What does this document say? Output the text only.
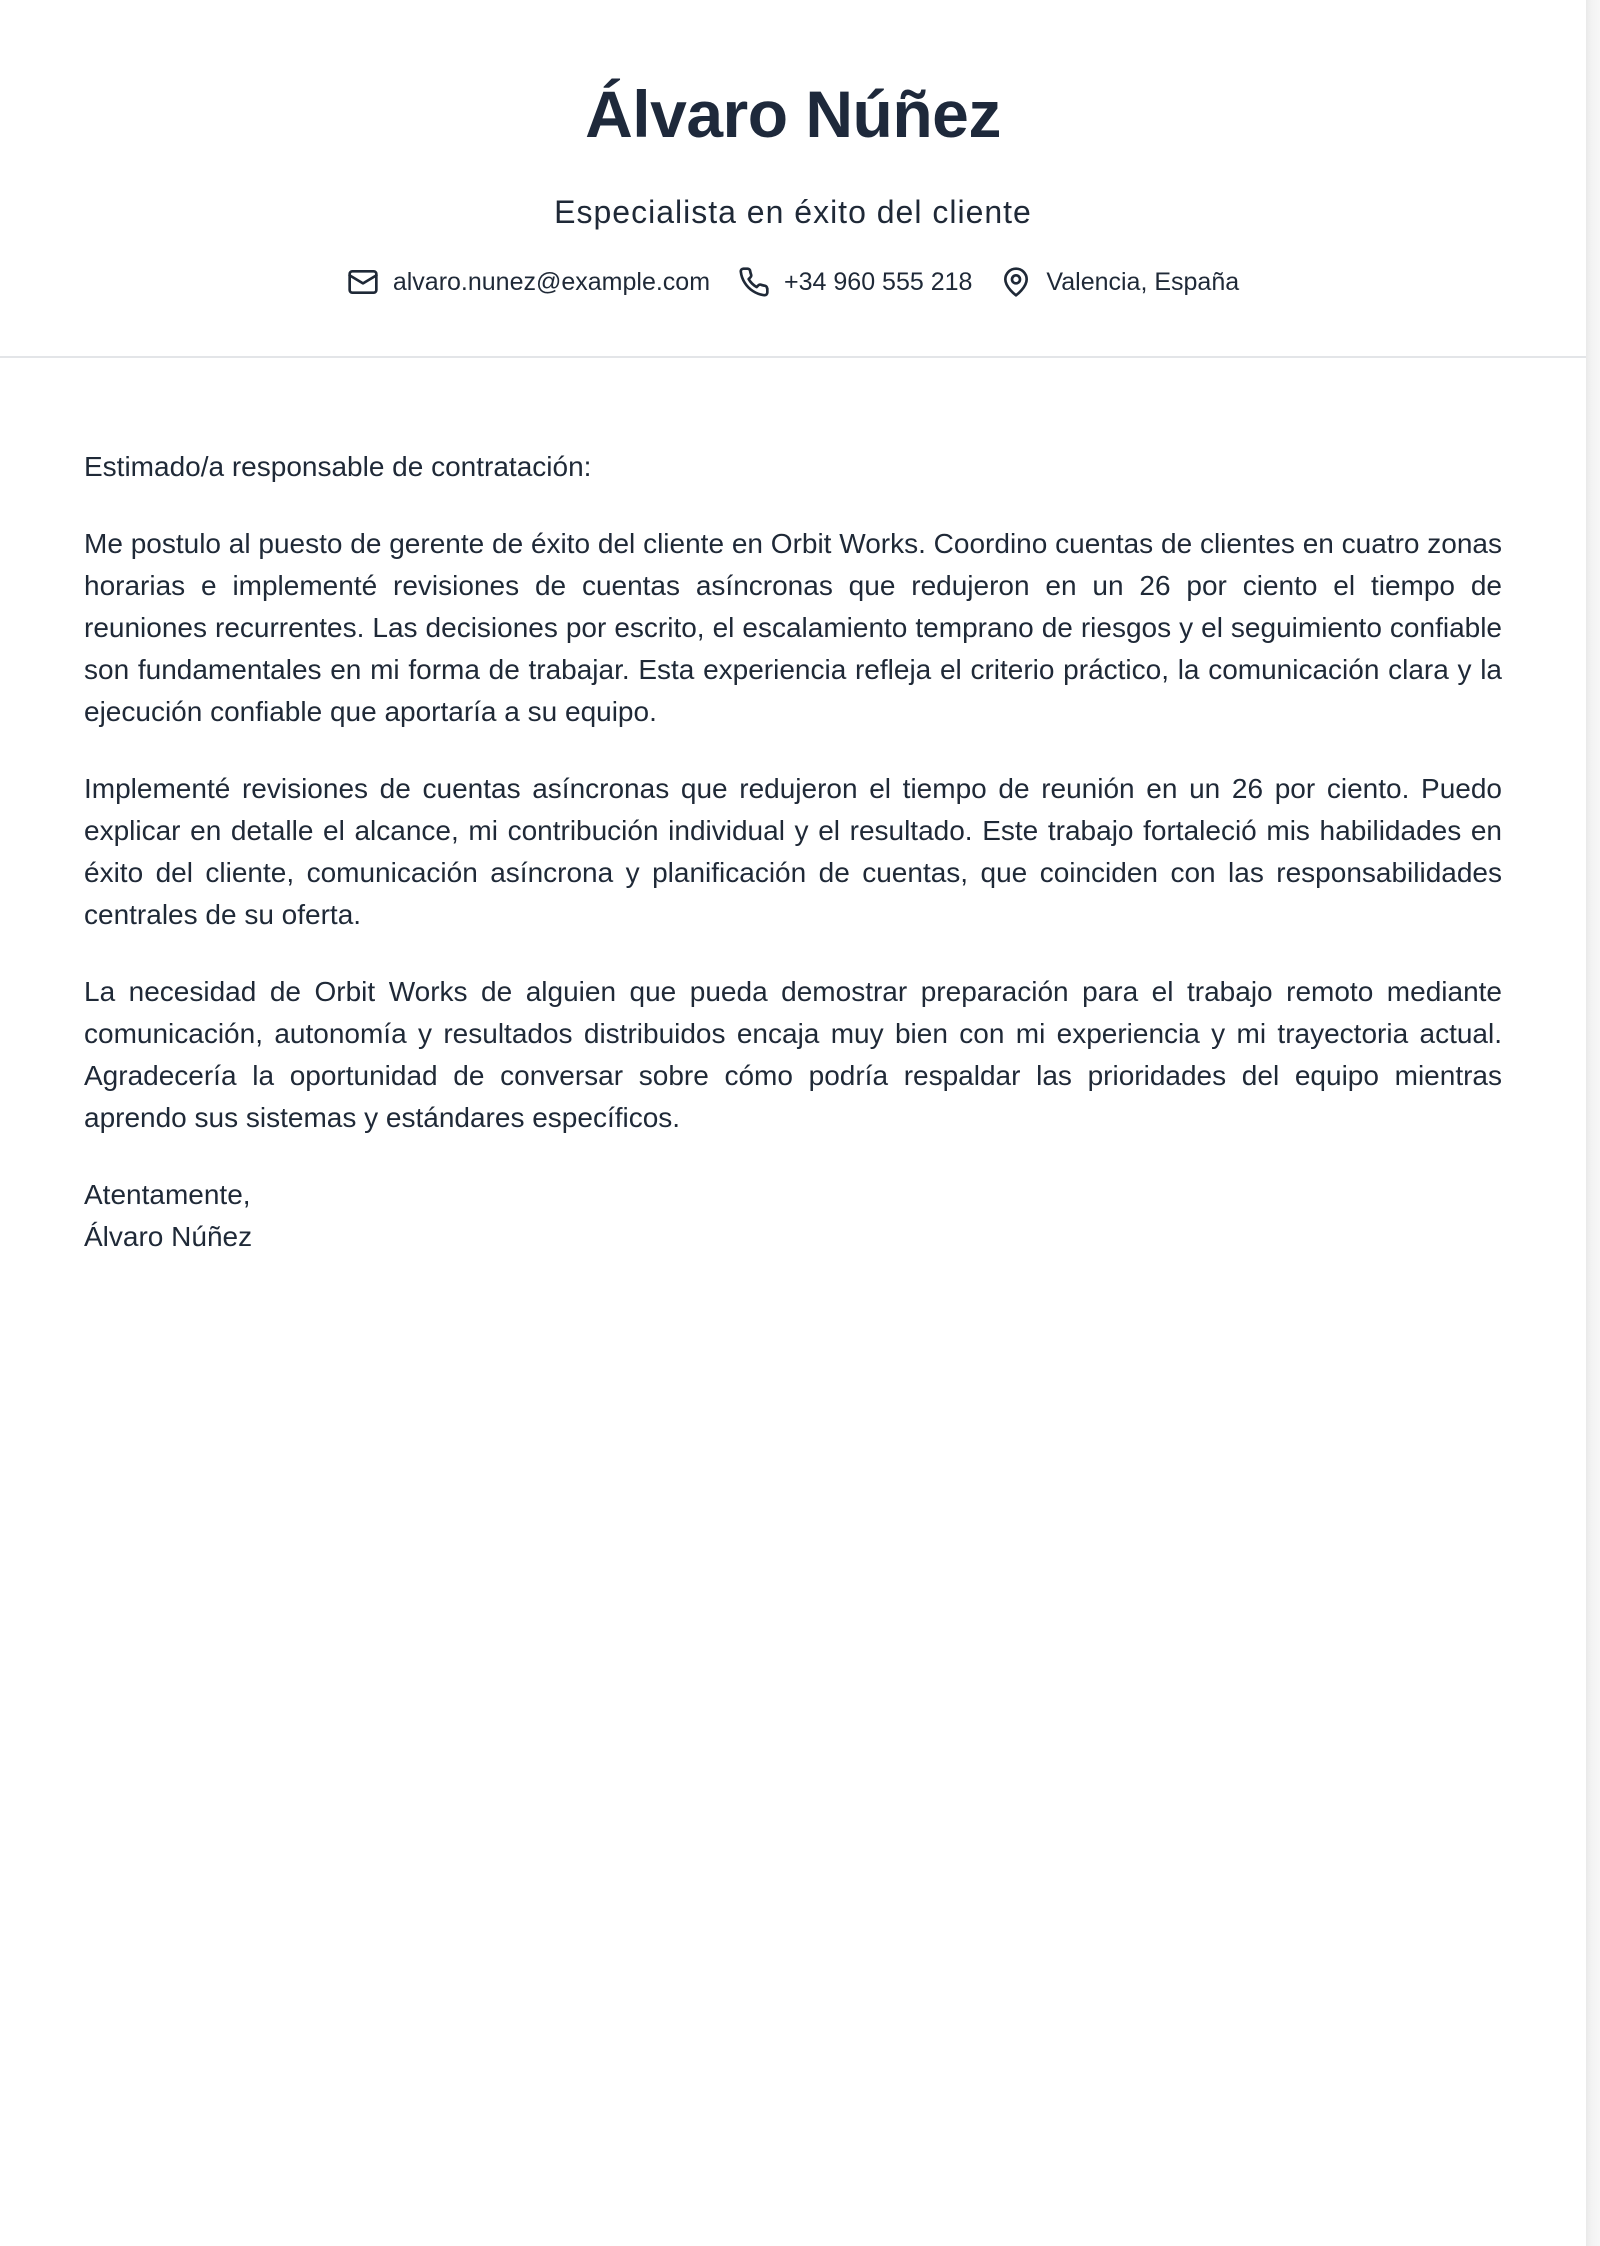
Álvaro Núñez
Especialista en éxito del cliente
alvaro.nunez@example.com	+34 960 555 218	Valencia, España

Estimado/a responsable de contratación:

Me postulo al puesto de gerente de éxito del cliente en Orbit Works. Coordino cuentas de clientes en cuatro zonas horarias e implementé revisiones de cuentas asíncronas que redujeron en un 26 por ciento el tiempo de reuniones recurrentes. Las decisiones por escrito, el escalamiento temprano de riesgos y el seguimiento confiable son fundamentales en mi forma de trabajar. Esta experiencia refleja el criterio práctico, la comunicación clara y la ejecución confiable que aportaría a su equipo.

Implementé revisiones de cuentas asíncronas que redujeron el tiempo de reunión en un 26 por ciento. Puedo explicar en detalle el alcance, mi contribución individual y el resultado. Este trabajo fortaleció mis habilidades en éxito del cliente, comunicación asíncrona y planificación de cuentas, que coinciden con las responsabilidades centrales de su oferta.

La necesidad de Orbit Works de alguien que pueda demostrar preparación para el trabajo remoto mediante comunicación, autonomía y resultados distribuidos encaja muy bien con mi experiencia y mi trayectoria actual. Agradecería la oportunidad de conversar sobre cómo podría respaldar las prioridades del equipo mientras aprendo sus sistemas y estándares específicos.

Atentamente,

Álvaro Núñez
